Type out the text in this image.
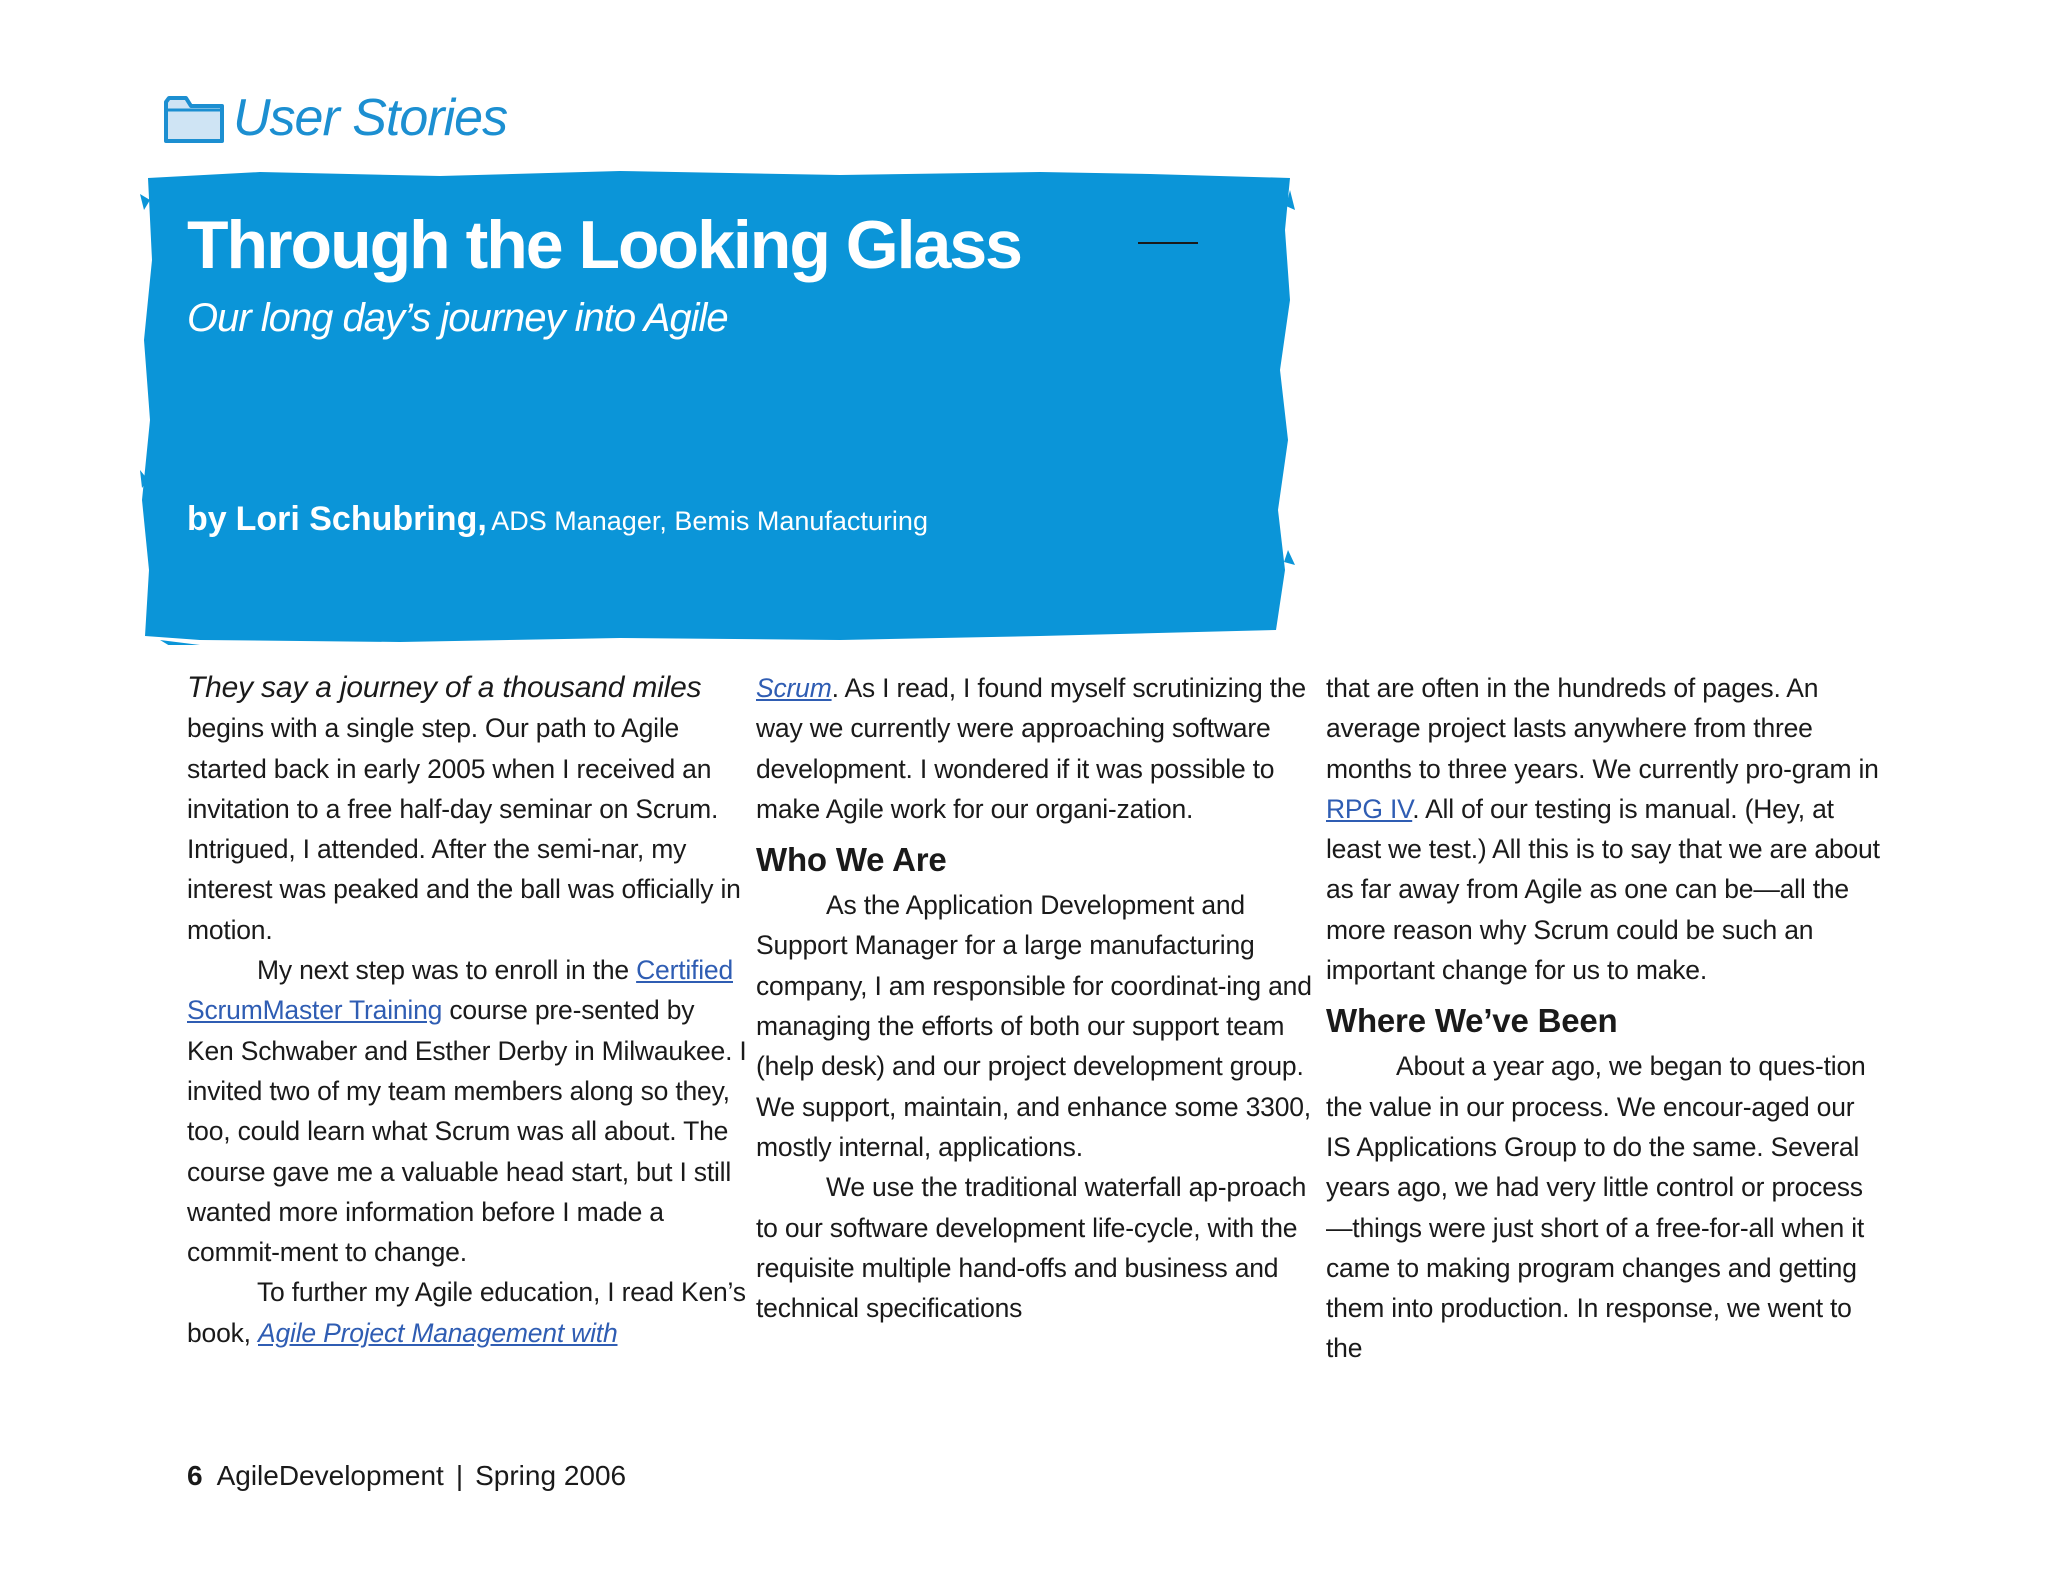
User Stories
Through the Looking Glass
Our long day’s journey into Agile
by Lori Schubring, ADS Manager, Bemis Manufacturing

They say a journey of a thousand miles begins with a single step. Our path to Agile started back in early 2005 when I received an invitation to a free half-day seminar on Scrum. Intrigued, I attended. After the semi-nar, my interest was peaked and the ball was officially in motion.

My next step was to enroll in the Certified ScrumMaster Training course pre-sented by Ken Schwaber and Esther Derby in Milwaukee. I invited two of my team members along so they, too, could learn what Scrum was all about. The course gave me a valuable head start, but I still wanted more information before I made a commit-ment to change.

To further my Agile education, I read Ken’s book, Agile Project Management with

Scrum. As I read, I found myself scrutinizing the way we currently were approaching software development. I wondered if it was possible to make Agile work for our organi-zation.

Who We Are

As the Application Development and Support Manager for a large manufacturing company, I am responsible for coordinat-ing and managing the efforts of both our support team (help desk) and our project development group. We support, maintain, and enhance some 3300, mostly internal, applications.

We use the traditional waterfall ap-proach to our software development life-cycle, with the requisite multiple hand-offs and business and technical specifications

that are often in the hundreds of pages. An average project lasts anywhere from three months to three years. We currently pro-gram in RPG IV. All of our testing is manual. (Hey, at least we test.) All this is to say that we are about as far away from Agile as one can be—all the more reason why Scrum could be such an important change for us to make.

Where We’ve Been

About a year ago, we began to ques-tion the value in our process. We encour-aged our IS Applications Group to do the same. Several years ago, we had very little control or process—things were just short of a free-for-all when it came to making program changes and getting them into production. In response, we went to the

6 AgileDevelopment | Spring 2006
